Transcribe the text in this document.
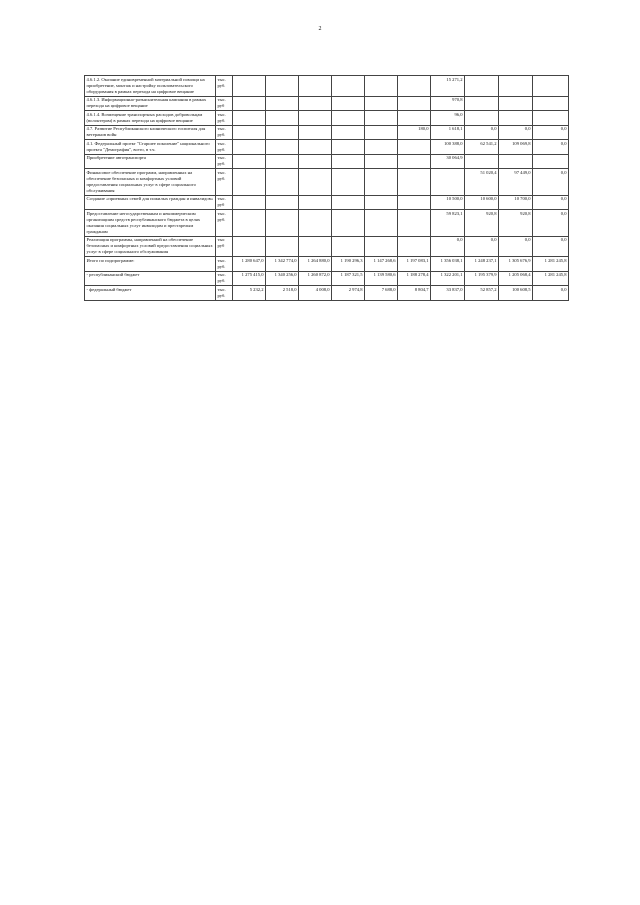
2
4.6.1.2. Оказание единовременной материальной помощи на приобретение, монтаж и настройку пользовательского оборудования в рамках перехода на цифровое вещание	тыс. руб.							15 271,2			
4.6.1.3. Информационно-разъяснительная кампания в рамках перехода на цифровое вещание	тыс. руб							970,8			
4.6.1.4. Возмещение транспортных расходов добровольцам (волонтерам) в рамках перехода на цифровое вещание	тыс. руб.							96,0			
4.7. Развитие Республиканского клинического госпиталя для ветеранов войн	тыс. руб.						180,0	1 618,1	0,0	0,0	0,0
4.1. Федеральный проект "Старшее поколение" национального проекта "Демография", всего, в т.ч.	тыс. руб.							100 388,0	62 541,2	109 069,8	0,0
Приобретение автотранспорта	тыс. руб.							30 064,9			
Финансовое обеспечение программ, направленных на обеспечение безопасных и комфортных условий предоставления социальных услуг в сфере социального обслуживания	тыс. руб.								51 020,4	97 449,0	0,0
Создание «приемных семей для пожилых граждан и инвалидов»	тыс. руб							10 500,0	10 600,0	10 700,0	0,0
Предоставление негосударственным и некоммерческим организациям средств республиканского бюджета в целях оказания социальных услуг инвалидам и престарелым гражданам	тыс. руб.							59 823,1	920,8	920,8	0,0
Реализация программы, направленной на обеспечение безопасных и комфортных условий предоставления социальных услуг в сфере социального обслуживания	тыс руб							0,0	0,0	0,0	0,0
Итого по подпрограмме:	тыс. руб.	1 280 647,0	1 342 774,0	1 264 880,0	1 190 296,3	1 147 268,6	1 197 083,1	1 356 038,1	1 248 237,1	1 305 676,9	1 281 245,8
- республиканский бюджет	тыс. руб.	1 275 415,0	1 340 256,0	1 260 872,0	1 187 321,5	1 139 580,6	1 188 278,4	1 322 201,1	1 195 379,9	1 205 068,4	1 281 245,8
- федеральный бюджет	тыс. руб.	5 232,2	2 518,0	4 008,0	2 974,8	7 688,0	8 804,7	33 837,0	52 857,2	100 608,5	0,0
